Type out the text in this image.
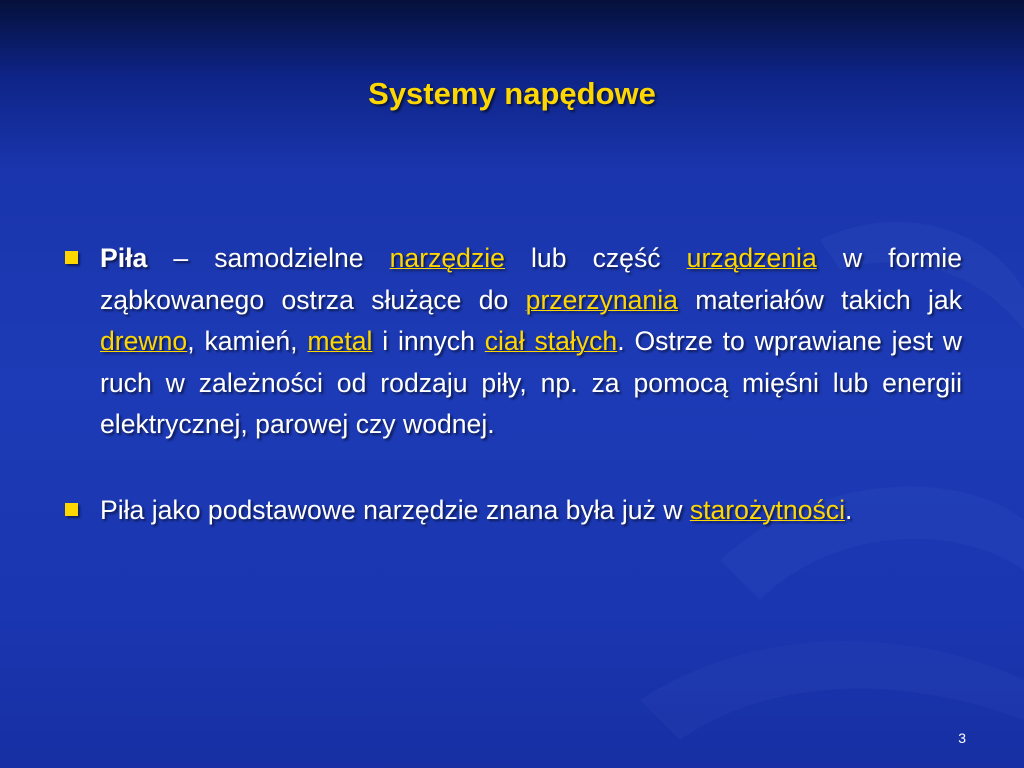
Systemy napędowe
Piła – samodzielne narzędzie lub część urządzenia w formie ząbkowanego ostrza służące do przerzynania materiałów takich jak drewno, kamień, metal i innych ciał stałych. Ostrze to wprawiane jest w ruch w zależności od rodzaju piły, np. za pomocą mięśni lub energii elektrycznej, parowej czy wodnej.
Piła jako podstawowe narzędzie znana była już w starożytności.
3
